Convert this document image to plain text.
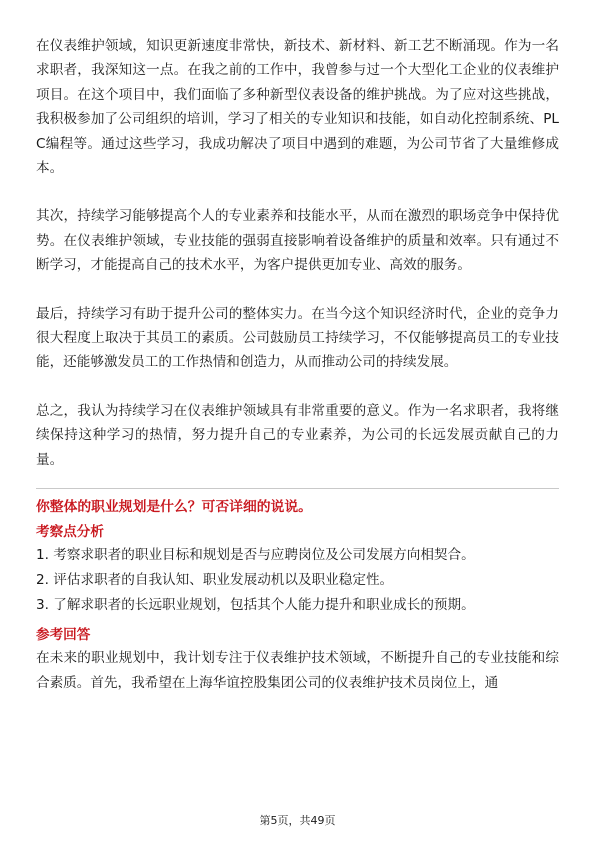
在仪表维护领域，知识更新速度非常快，新技术、新材料、新工艺不断涌现。作为一名求职者，我深知这一点。在我之前的工作中，我曾参与过一个大型化工企业的仪表维护项目。在这个项目中，我们面临了多种新型仪表设备的维护挑战。为了应对这些挑战，我积极参加了公司组织的培训，学习了相关的专业知识和技能，如自动化控制系统、PLC编程等。通过这些学习，我成功解决了项目中遇到的难题，为公司节省了大量维修成本。

其次，持续学习能够提高个人的专业素养和技能水平，从而在激烈的职场竞争中保持优势。在仪表维护领域，专业技能的强弱直接影响着设备维护的质量和效率。只有通过不断学习，才能提高自己的技术水平，为客户提供更加专业、高效的服务。

最后，持续学习有助于提升公司的整体实力。在当今这个知识经济时代，企业的竞争力很大程度上取决于其员工的素质。公司鼓励员工持续学习，不仅能够提高员工的专业技能，还能够激发员工的工作热情和创造力，从而推动公司的持续发展。

总之，我认为持续学习在仪表维护领域具有非常重要的意义。作为一名求职者，我将继续保持这种学习的热情，努力提升自己的专业素养，为公司的长远发展贡献自己的力量。

你整体的职业规划是什么？可否详细的说说。

考察点分析

1. 考察求职者的职业目标和规划是否与应聘岗位及公司发展方向相契合。

2. 评估求职者的自我认知、职业发展动机以及职业稳定性。

3. 了解求职者的长远职业规划，包括其个人能力提升和职业成长的预期。

参考回答

在未来的职业规划中，我计划专注于仪表维护技术领域，不断提升自己的专业技能和综合素质。首先，我希望在上海华谊控股集团公司的仪表维护技术员岗位上，通

第5页，共49页
